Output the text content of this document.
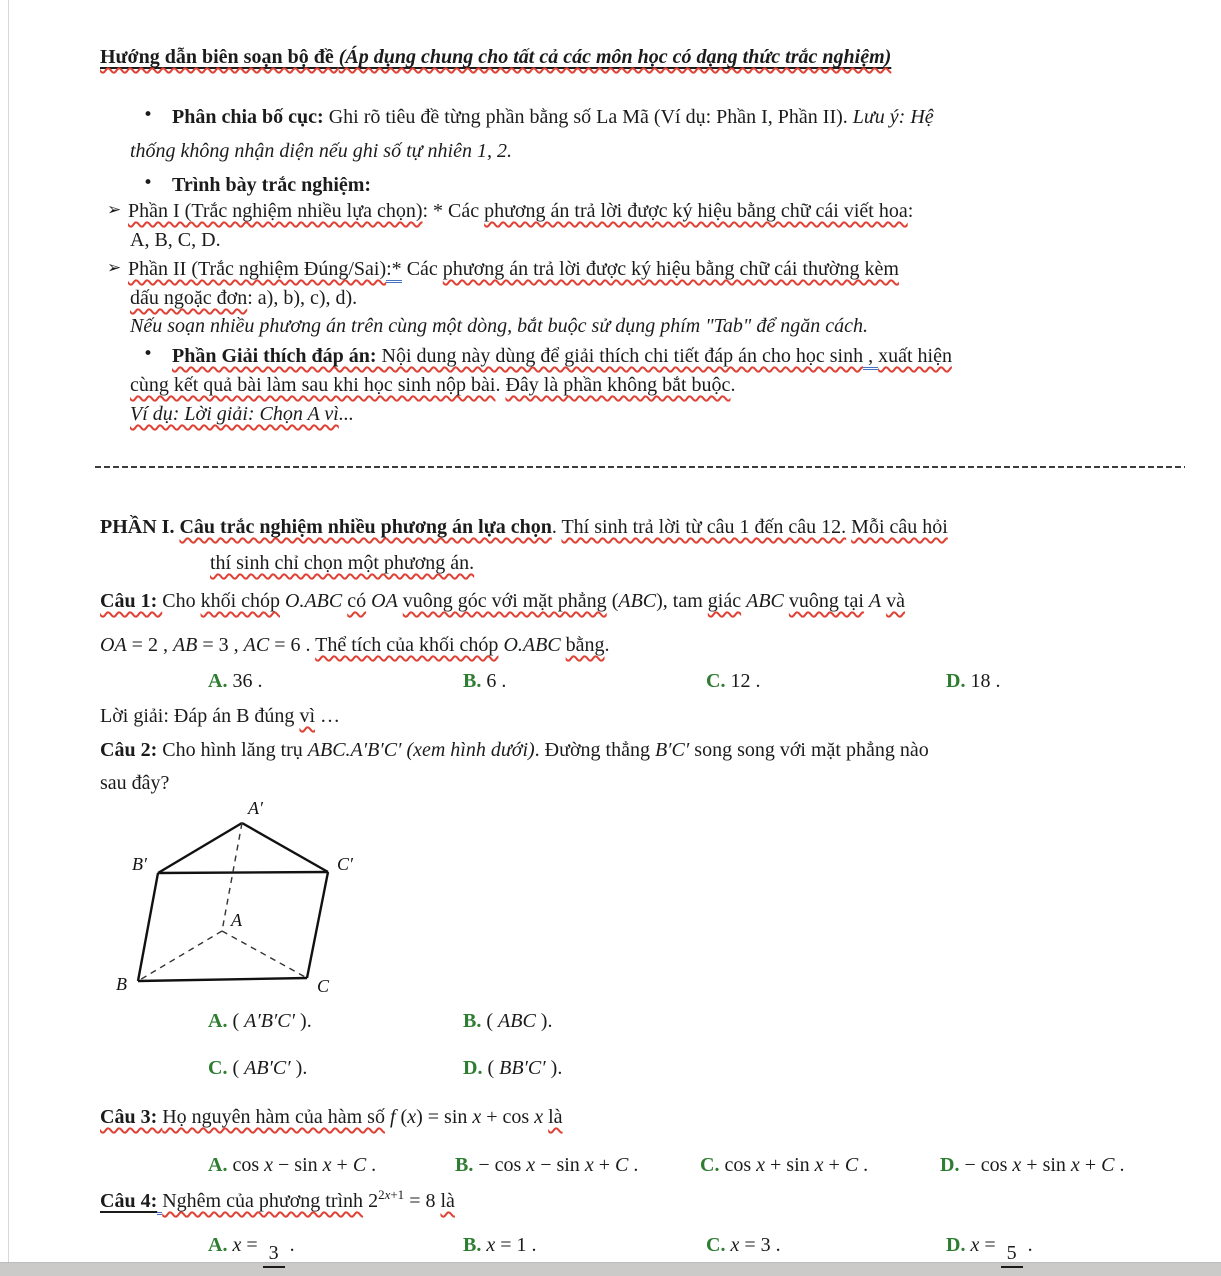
A′
B′	C′
A
B	C
Hướng dẫn biên soạn bộ đề (Áp dụng chung cho tất cả các môn học có dạng thức trắc nghiệm)
• Phân chia bố cục: Ghi rõ tiêu đề từng phần bằng số La Mã (Ví dụ: Phần I, Phần II). Lưu ý: Hệ
thống không nhận diện nếu ghi số tự nhiên 1, 2.
• Trình bày trắc nghiệm:
➢ Phần I (Trắc nghiệm nhiều lựa chọn): * Các phương án trả lời được ký hiệu bằng chữ cái viết hoa:
A, B, C, D.
➢ Phần II (Trắc nghiệm Đúng/Sai):* Các phương án trả lời được ký hiệu bằng chữ cái thường kèm
dấu ngoặc đơn: a), b), c), d).
Nếu soạn nhiều phương án trên cùng một dòng, bắt buộc sử dụng phím "Tab" để ngăn cách.
• Phần Giải thích đáp án: Nội dung này dùng để giải thích chi tiết đáp án cho học sinh , xuất hiện
cùng kết quả bài làm sau khi học sinh nộp bài. Đây là phần không bắt buộc.
Ví dụ: Lời giải: Chọn A vì...
PHẦN I. Câu trắc nghiệm nhiều phương án lựa chọn. Thí sinh trả lời từ câu 1 đến câu 12. Mỗi câu hỏi
thí sinh chỉ chọn một phương án.
Câu 1: Cho khối chóp O.ABC có OA vuông góc với mặt phẳng (ABC), tam giác ABC vuông tại A và
OA = 2 , AB = 3 , AC = 6 . Thể tích của khối chóp O.ABC bằng.
A. 36 .	B. 6 .	C. 12 .	D. 18 .
Lời giải: Đáp án B đúng vì …
Câu 2: Cho hình lăng trụ ABC.A′B′C′ (xem hình dưới). Đường thẳng B′C′ song song với mặt phẳng nào
sau đây?
A. ( A′B′C′ ).	B. ( ABC ).
C. ( AB′C′ ).	D. ( BB′C′ ).
Câu 3: Họ nguyên hàm của hàm số f (x) = sin x + cos x là
A. cos x − sin x + C .	B. − cos x − sin x + C .	C. cos x + sin x + C .	D. − cos x + sin x + C .
Câu 4: Nghêm của phương trình $2^{2x+1} = 8$ là
A. x = 3 .	B. x = 1 .	C. x = 3 .	D. x = 5 .
